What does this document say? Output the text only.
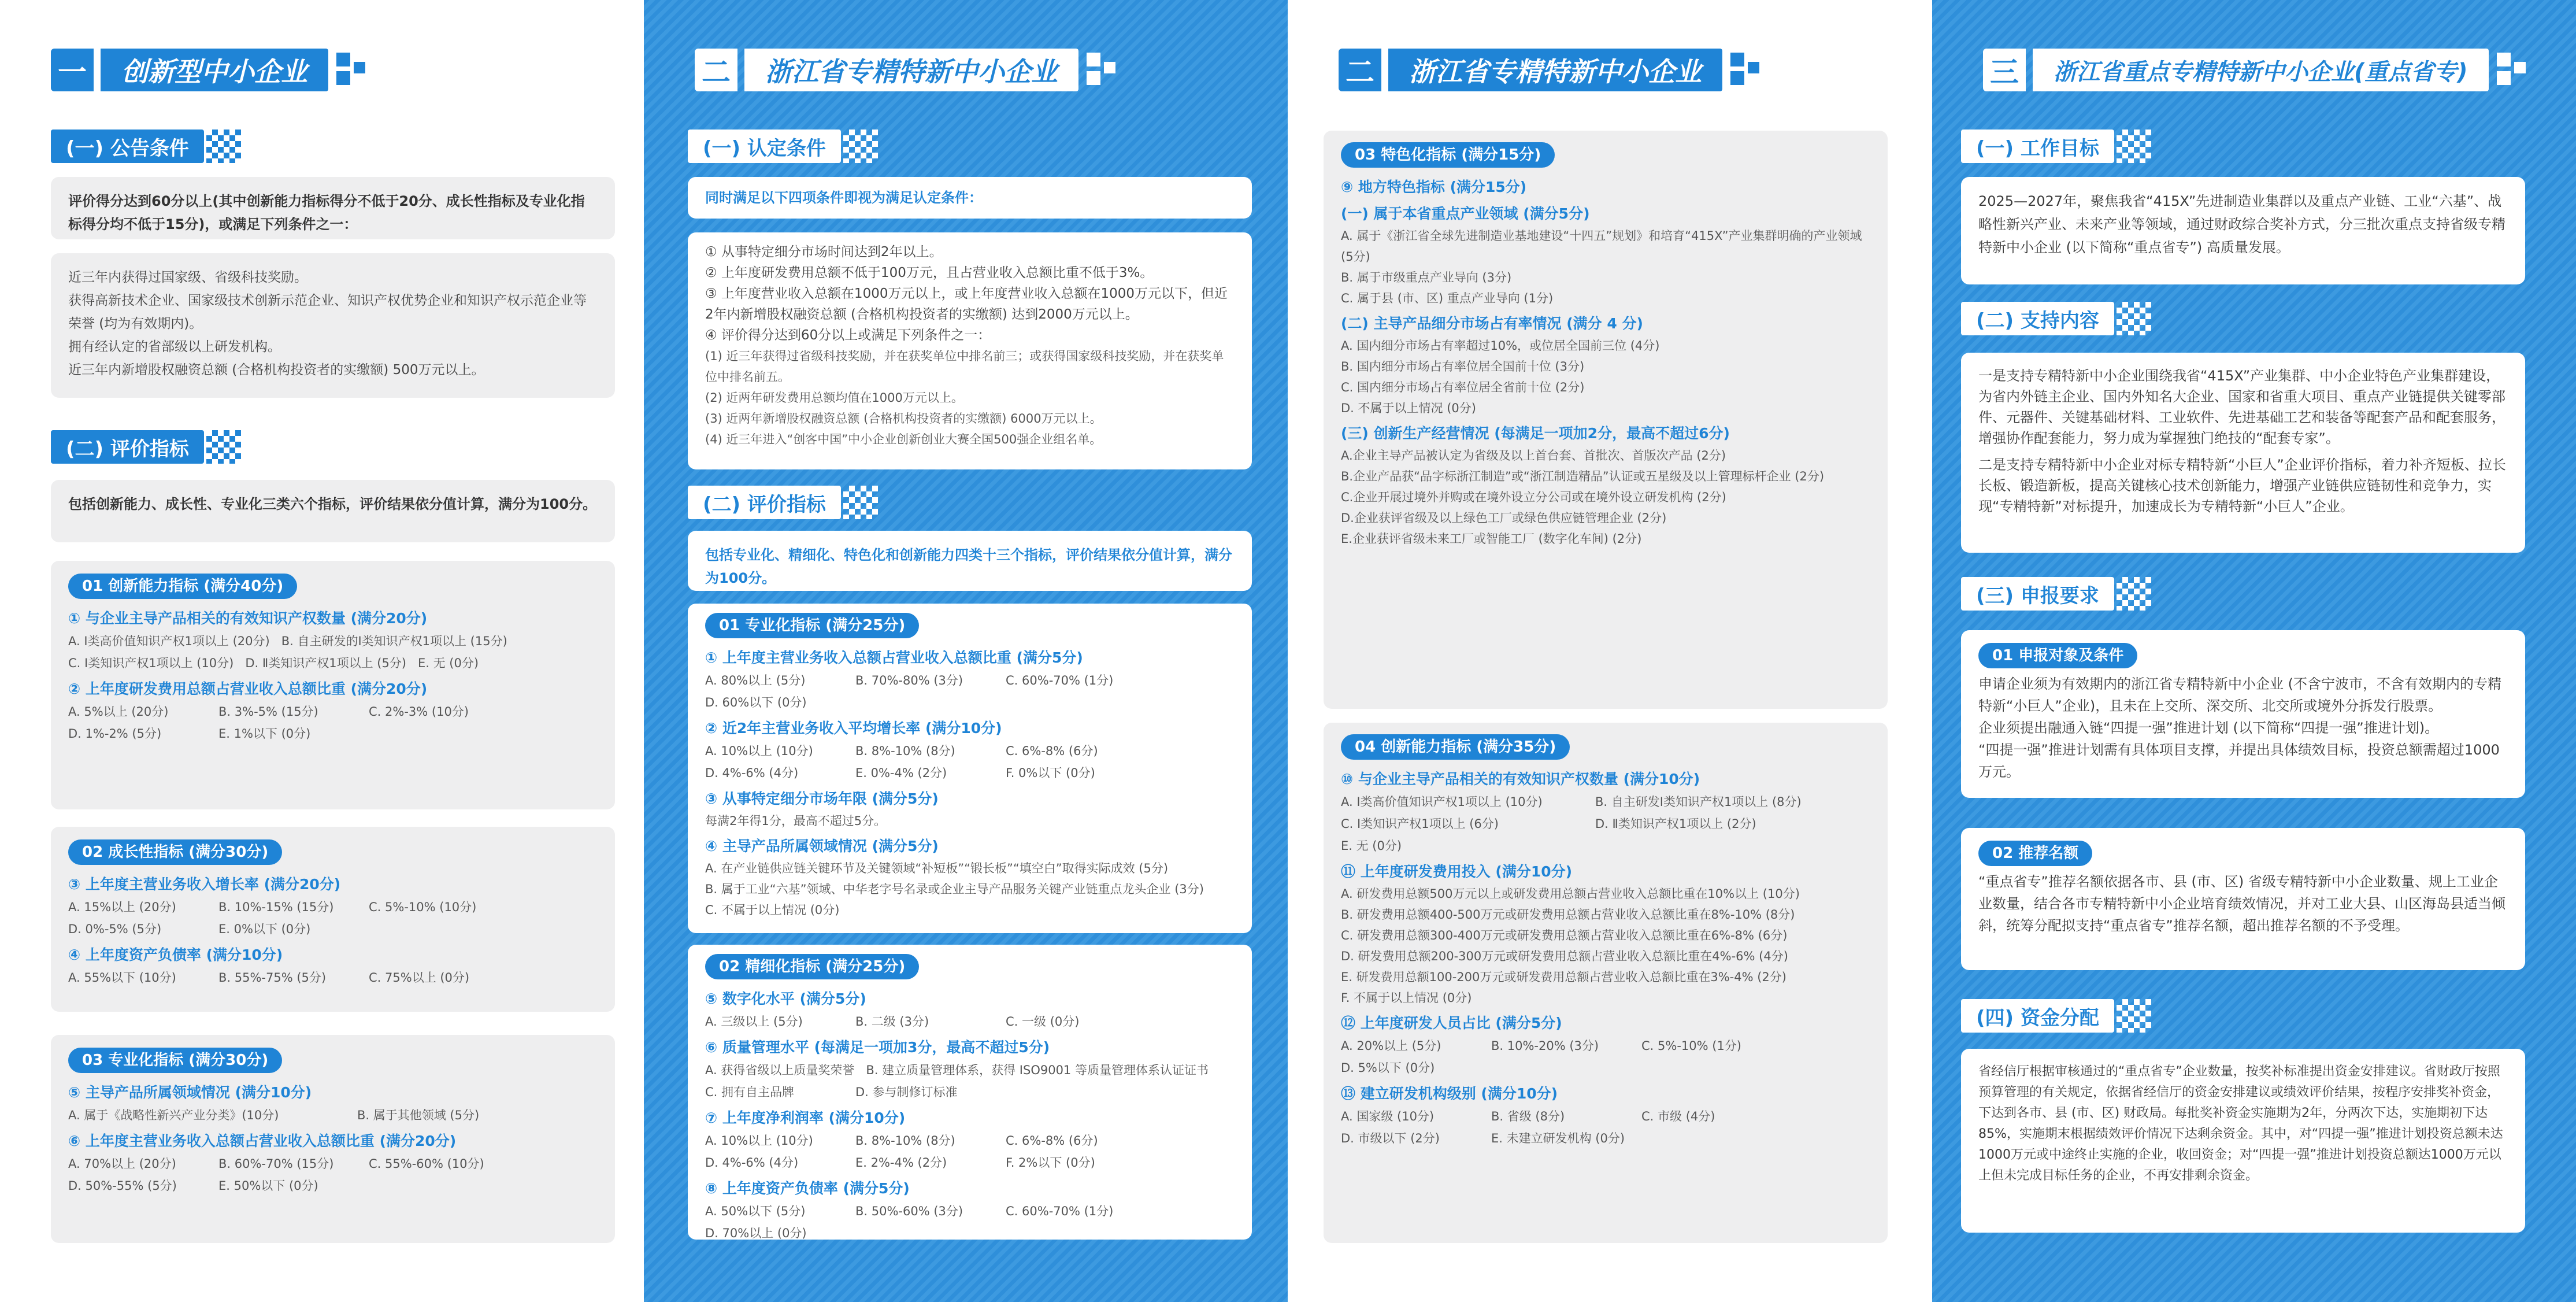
一	创新型中小企业
(一) 公告条件
评价得分达到60分以上(其中创新能力指标得分不低于20分、成长性指标及专业化指标得分均不低于15分)，或满足下列条件之一：
近三年内获得过国家级、省级科技奖励。
获得高新技术企业、国家级技术创新示范企业、知识产权优势企业和知识产权示范企业等荣誉 (均为有效期内)。
拥有经认定的省部级以上研发机构。
近三年内新增股权融资总额 (合格机构投资者的实缴额) 500万元以上。
(二) 评价指标
包括创新能力、成长性、专业化三类六个指标，评价结果依分值计算，满分为100分。
01 创新能力指标 (满分40分)
① 与企业主导产品相关的有效知识产权数量 (满分20分)
A. Ⅰ类高价值知识产权1项以上 (20分) B. 自主研发的Ⅰ类知识产权1项以上 (15分)
C. Ⅰ类知识产权1项以上 (10分) D. Ⅱ类知识产权1项以上 (5分) E. 无 (0分)
② 上年度研发费用总额占营业收入总额比重 (满分20分)
A. 5%以上 (20分)	B. 3%-5% (15分)	C. 2%-3% (10分)
D. 1%-2% (5分)	E. 1%以下 (0分)
02 成长性指标 (满分30分)
③ 上年度主营业务收入增长率 (满分20分)
A. 15%以上 (20分)	B. 10%-15% (15分)	C. 5%-10% (10分)
D. 0%-5% (5分)	E. 0%以下 (0分)
④ 上年度资产负债率 (满分10分)
A. 55%以下 (10分)	B. 55%-75% (5分)	C. 75%以上 (0分)
03 专业化指标 (满分30分)
⑤ 主导产品所属领域情况 (满分10分)
A. 属于《战略性新兴产业分类》(10分)	B. 属于其他领域 (5分)
⑥ 上年度主营业务收入总额占营业收入总额比重 (满分20分)
A. 70%以上 (20分)	B. 60%-70% (15分)	C. 55%-60% (10分)
D. 50%-55% (5分)	E. 50%以下 (0分)
二	浙江省专精特新中小企业
(一) 认定条件
同时满足以下四项条件即视为满足认定条件：
① 从事特定细分市场时间达到2年以上。
② 上年度研发费用总额不低于100万元，且占营业收入总额比重不低于3%。
③ 上年度营业收入总额在1000万元以上，或上年度营业收入总额在1000万元以下，但近2年内新增股权融资总额 (合格机构投资者的实缴额) 达到2000万元以上。
④ 评价得分达到60分以上或满足下列条件之一：
(1) 近三年获得过省级科技奖励，并在获奖单位中排名前三；或获得国家级科技奖励，并在获奖单位中排名前五。
(2) 近两年研发费用总额均值在1000万元以上。
(3) 近两年新增股权融资总额 (合格机构投资者的实缴额) 6000万元以上。
(4) 近三年进入“创客中国”中小企业创新创业大赛全国500强企业组名单。
(二) 评价指标
包括专业化、精细化、特色化和创新能力四类十三个指标，评价结果依分值计算，满分为100分。
01 专业化指标 (满分25分)
① 上年度主营业务收入总额占营业收入总额比重 (满分5分)
A. 80%以上 (5分)	B. 70%-80% (3分)	C. 60%-70% (1分)
D. 60%以下 (0分)
② 近2年主营业务收入平均增长率 (满分10分)
A. 10%以上 (10分)	B. 8%-10% (8分)	C. 6%-8% (6分)
D. 4%-6% (4分)	E. 0%-4% (2分)	F. 0%以下 (0分)
③ 从事特定细分市场年限 (满分5分)
每满2年得1分，最高不超过5分。
④ 主导产品所属领域情况 (满分5分)
A. 在产业链供应链关键环节及关键领域“补短板”“锻长板”“填空白”取得实际成效 (5分)
B. 属于工业“六基”领域、中华老字号名录或企业主导产品服务关键产业链重点龙头企业 (3分)
C. 不属于以上情况 (0分)
02 精细化指标 (满分25分)
⑤ 数字化水平 (满分5分)
A. 三级以上 (5分)	B. 二级 (3分)	C. 一级 (0分)
⑥ 质量管理水平 (每满足一项加3分，最高不超过5分)
A. 获得省级以上质量奖荣誉 B. 建立质量管理体系，获得 ISO9001 等质量管理体系认证证书
C. 拥有自主品牌	D. 参与制修订标准
⑦ 上年度净利润率 (满分10分)
A. 10%以上 (10分)	B. 8%-10% (8分)	C. 6%-8% (6分)
D. 4%-6% (4分)	E. 2%-4% (2分)	F. 2%以下 (0分)
⑧ 上年度资产负债率 (满分5分)
A. 50%以下 (5分)	B. 50%-60% (3分)	C. 60%-70% (1分)
D. 70%以上 (0分)
二	浙江省专精特新中小企业
03 特色化指标 (满分15分)
⑨ 地方特色指标 (满分15分)
(一) 属于本省重点产业领域 (满分5分)
A. 属于《浙江省全球先进制造业基地建设“十四五”规划》和培育“415X”产业集群明确的产业领域 (5分)
B. 属于市级重点产业导向 (3分)
C. 属于县 (市、区) 重点产业导向 (1分)
(二) 主导产品细分市场占有率情况 (满分 4 分)
A. 国内细分市场占有率超过10%，或位居全国前三位 (4分)
B. 国内细分市场占有率位居全国前十位 (3分)
C. 国内细分市场占有率位居全省前十位 (2分)
D. 不属于以上情况 (0分)
(三) 创新生产经营情况 (每满足一项加2分，最高不超过6分)
A.企业主导产品被认定为省级及以上首台套、首批次、首版次产品 (2分)
B.企业产品获“品字标浙江制造”或“浙江制造精品”认证或五星级及以上管理标杆企业 (2分)
C.企业开展过境外并购或在境外设立分公司或在境外设立研发机构 (2分)
D.企业获评省级及以上绿色工厂或绿色供应链管理企业 (2分)
E.企业获评省级未来工厂或智能工厂 (数字化车间) (2分)
04 创新能力指标 (满分35分)
⑩ 与企业主导产品相关的有效知识产权数量 (满分10分)
A. Ⅰ类高价值知识产权1项以上 (10分)	B. 自主研发Ⅰ类知识产权1项以上 (8分)
C. Ⅰ类知识产权1项以上 (6分)	D. Ⅱ类知识产权1项以上 (2分)
E. 无 (0分)
⑪ 上年度研发费用投入 (满分10分)
A. 研发费用总额500万元以上或研发费用总额占营业收入总额比重在10%以上 (10分)
B. 研发费用总额400-500万元或研发费用总额占营业收入总额比重在8%-10% (8分)
C. 研发费用总额300-400万元或研发费用总额占营业收入总额比重在6%-8% (6分)
D. 研发费用总额200-300万元或研发费用总额占营业收入总额比重在4%-6% (4分)
E. 研发费用总额100-200万元或研发费用总额占营业收入总额比重在3%-4% (2分)
F. 不属于以上情况 (0分)
⑫ 上年度研发人员占比 (满分5分)
A. 20%以上 (5分)	B. 10%-20% (3分)	C. 5%-10% (1分)
D. 5%以下 (0分)
⑬ 建立研发机构级别 (满分10分)
A. 国家级 (10分)	B. 省级 (8分)	C. 市级 (4分)
D. 市级以下 (2分)	E. 未建立研发机构 (0分)
三	浙江省重点专精特新中小企业(重点省专)
(一) 工作目标
2025—2027年，聚焦我省“415X”先进制造业集群以及重点产业链、工业“六基”、战略性新兴产业、未来产业等领域，通过财政综合奖补方式，分三批次重点支持省级专精特新中小企业 (以下简称“重点省专”) 高质量发展。
(二) 支持内容
一是支持专精特新中小企业围绕我省“415X”产业集群、中小企业特色产业集群建设，为省内外链主企业、国内外知名大企业、国家和省重大项目、重点产业链提供关键零部件、元器件、关键基础材料、工业软件、先进基础工艺和装备等配套产品和配套服务，增强协作配套能力，努力成为掌握独门绝技的“配套专家”。
二是支持专精特新中小企业对标专精特新“小巨人”企业评价指标，着力补齐短板、拉长长板、锻造新板，提高关键核心技术创新能力，增强产业链供应链韧性和竞争力，实现“专精特新”对标提升，加速成长为专精特新“小巨人”企业。
(三) 申报要求
01 申报对象及条件
申请企业须为有效期内的浙江省专精特新中小企业 (不含宁波市，不含有效期内的专精特新“小巨人”企业)，且未在上交所、深交所、北交所或境外分拆发行股票。
企业须提出融通入链“四提一强”推进计划 (以下简称“四提一强”推进计划)。
“四提一强”推进计划需有具体项目支撑，并提出具体绩效目标，投资总额需超过1000万元。
02 推荐名额
“重点省专”推荐名额依据各市、县 (市、区) 省级专精特新中小企业数量、规上工业企业数量，结合各市专精特新中小企业培育绩效情况，并对工业大县、山区海岛县适当倾斜，统筹分配拟支持“重点省专”推荐名额，超出推荐名额的不予受理。
(四) 资金分配
省经信厅根据审核通过的“重点省专”企业数量，按奖补标准提出资金安排建议。省财政厅按照预算管理的有关规定，依据省经信厅的资金安排建议或绩效评价结果，按程序安排奖补资金，下达到各市、县 (市、区) 财政局。每批奖补资金实施期为2年，分两次下达，实施期初下达85%，实施期末根据绩效评价情况下达剩余资金。其中，对“四提一强”推进计划投资总额未达1000万元或中途终止实施的企业，收回资金；对“四提一强”推进计划投资总额达1000万元以上但未完成目标任务的企业，不再安排剩余资金。
